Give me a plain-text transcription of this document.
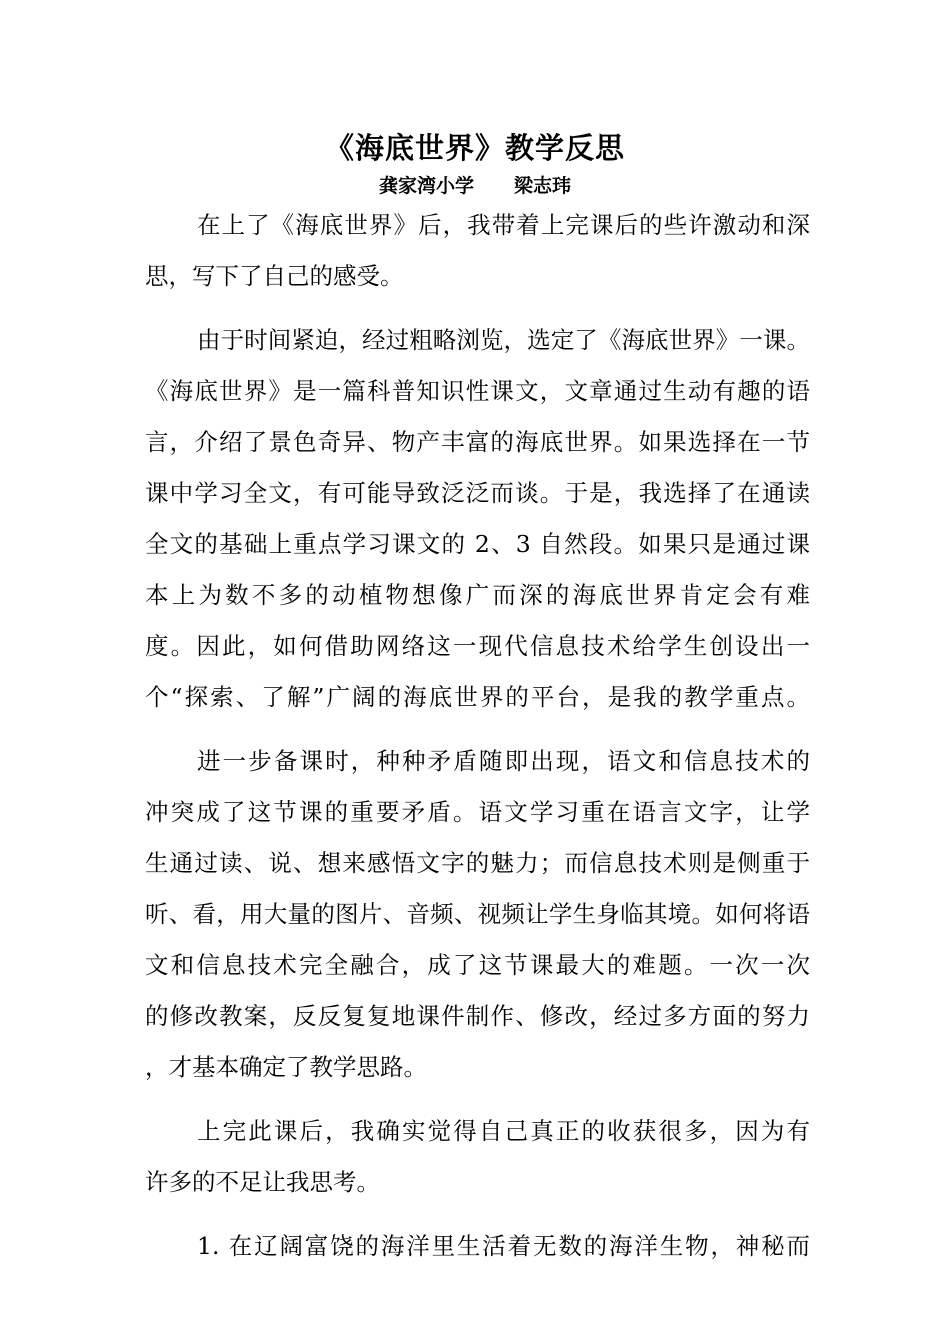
《海底世界》教学反思
龚家湾小学 梁志玮
在上了《海底世界》后，我带着上完课后的些许激动和深
思，写下了自己的感受。
由于时间紧迫，经过粗略浏览，选定了《海底世界》一课。
《海底世界》是一篇科普知识性课文，文章通过生动有趣的语
言，介绍了景色奇异、物产丰富的海底世界。如果选择在一节
课中学习全文，有可能导致泛泛而谈。于是，我选择了在通读
全文的基础上重点学习课文的 2、3 自然段。如果只是通过课
本上为数不多的动植物想像广而深的海底世界肯定会有难
度。因此，如何借助网络这一现代信息技术给学生创设出一
个“探索、了解”广阔的海底世界的平台，是我的教学重点。
进一步备课时，种种矛盾随即出现，语文和信息技术的
冲突成了这节课的重要矛盾。语文学习重在语言文字，让学
生通过读、说、想来感悟文字的魅力；而信息技术则是侧重于
听、看，用大量的图片、音频、视频让学生身临其境。如何将语
文和信息技术完全融合，成了这节课最大的难题。一次一次
的修改教案，反反复复地课件制作、修改，经过多方面的努力
，才基本确定了教学思路。
上完此课后，我确实觉得自己真正的收获很多，因为有
许多的不足让我思考。
1. 在辽阔富饶的海洋里生活着无数的海洋生物，神秘而
